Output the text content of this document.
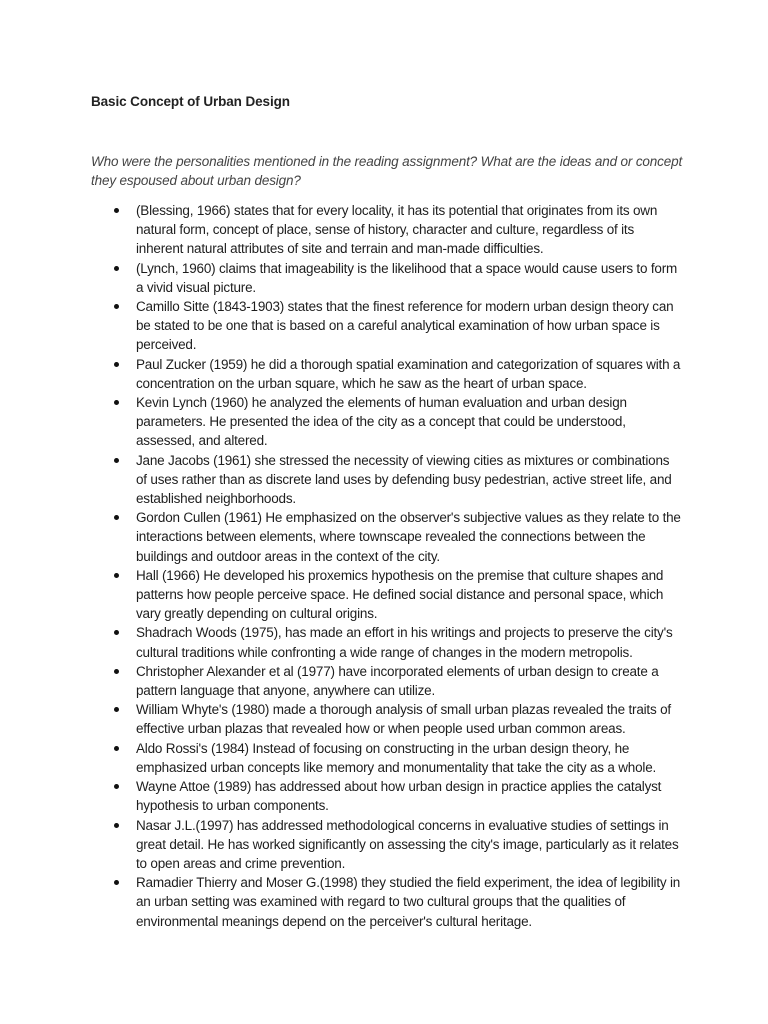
Basic Concept of Urban Design

Who were the personalities mentioned in the reading assignment? What are the ideas and or concept they espoused about urban design?

(Blessing, 1966) states that for every locality, it has its potential that originates from its own natural form, concept of place, sense of history, character and culture, regardless of its inherent natural attributes of site and terrain and man-made difficulties.
(Lynch, 1960) claims that imageability is the likelihood that a space would cause users to form a vivid visual picture.
Camillo Sitte (1843-1903) states that the finest reference for modern urban design theory can be stated to be one that is based on a careful analytical examination of how urban space is perceived.
Paul Zucker (1959) he did a thorough spatial examination and categorization of squares with a concentration on the urban square, which he saw as the heart of urban space.
Kevin Lynch (1960) he analyzed the elements of human evaluation and urban design parameters. He presented the idea of the city as a concept that could be understood, assessed, and altered.
Jane Jacobs (1961) she stressed the necessity of viewing cities as mixtures or combinations of uses rather than as discrete land uses by defending busy pedestrian, active street life, and established neighborhoods.
Gordon Cullen (1961) He emphasized on the observer's subjective values as they relate to the interactions between elements, where townscape revealed the connections between the buildings and outdoor areas in the context of the city.
Hall (1966) He developed his proxemics hypothesis on the premise that culture shapes and patterns how people perceive space. He defined social distance and personal space, which vary greatly depending on cultural origins.
Shadrach Woods (1975), has made an effort in his writings and projects to preserve the city's cultural traditions while confronting a wide range of changes in the modern metropolis.
Christopher Alexander et al (1977) have incorporated elements of urban design to create a pattern language that anyone, anywhere can utilize.
William Whyte's (1980) made a thorough analysis of small urban plazas revealed the traits of effective urban plazas that revealed how or when people used urban common areas.
Aldo Rossi's (1984) Instead of focusing on constructing in the urban design theory, he emphasized urban concepts like memory and monumentality that take the city as a whole.
Wayne Attoe (1989) has addressed about how urban design in practice applies the catalyst hypothesis to urban components.
Nasar J.L.(1997) has addressed methodological concerns in evaluative studies of settings in great detail. He has worked significantly on assessing the city's image, particularly as it relates to open areas and crime prevention.
Ramadier Thierry and Moser G.(1998) they studied the field experiment, the idea of legibility in an urban setting was examined with regard to two cultural groups that the qualities of environmental meanings depend on the perceiver's cultural heritage.
